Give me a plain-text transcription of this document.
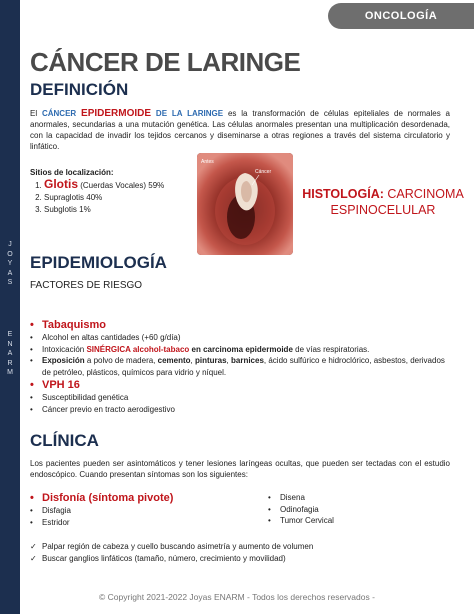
J O Y A S
E N A R M
ONCOLOGÍA
CÁNCER DE LARINGE
DEFINICIÓN

El CÁNCER EPIDERMOIDE DE LA LARINGE es la transformación de células epiteliales de normales a anormales, secundarias a una mutación genética. Las células anormales presentan una multiplicación desordenada, con la capacidad de invadir los tejidos cercanos y diseminarse a otras regiones a través del sistema circulatorio y linfático.

Sitios de localización:
1. Glotis (Cuerdas Vocales) 59%
2. Supraglotis 40%
3. Subglotis 1%
Antes
Cáncer
HISTOLOGÍA: CARCINOMA
ESPINOCELULAR
EPIDEMIOLOGÍA
FACTORES DE RIESGO
• Tabaquismo
• Alcohol en altas cantidades (+60 g/día)
• Intoxicación SINÉRGICA alcohol-tabaco en carcinoma epidermoide de vías respiratorias.
• Exposición a polvo de madera, cemento, pinturas, barnices, ácido sulfúrico e hidroclórico, asbestos, derivados de petróleo, plásticos, químicos para vidrio y níquel.
• VPH 16
• Susceptibilidad genética
• Cáncer previo en tracto aerodigestivo
CLÍNICA

Los pacientes pueden ser asintomáticos y tener lesiones laríngeas ocultas, que pueden ser tectadas con el estudio endoscópico. Cuando presentan síntomas son los siguientes:

• Disfonía (síntoma pivote)
• Disfagia
• Estridor
• Disena
• Odinofagia
• Tumor Cervical
✓ Palpar región de cabeza y cuello buscando asimetría y aumento de volumen
✓ Buscar ganglios linfáticos (tamaño, número, crecimiento y movilidad)
© Copyright 2021-2022 Joyas ENARM - Todos los derechos reservados -
